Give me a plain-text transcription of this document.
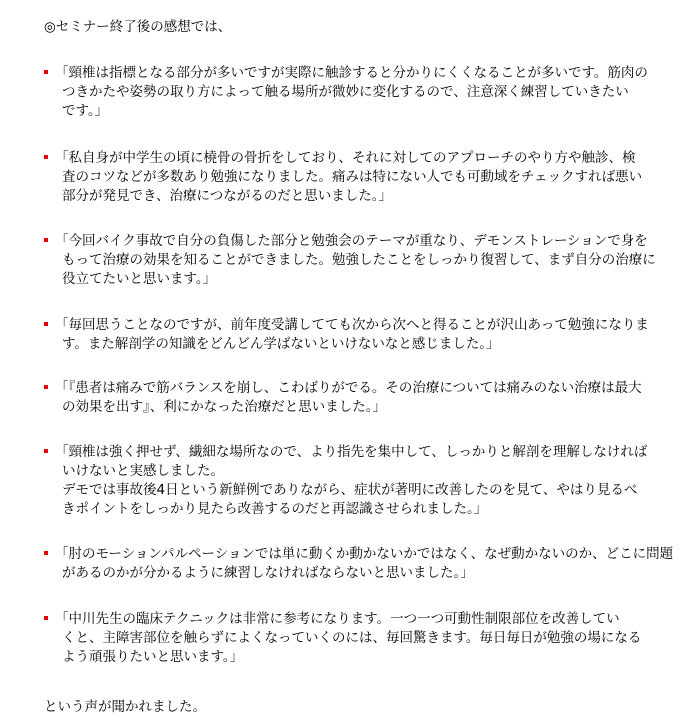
◎セミナー終了後の感想では、
「頸椎は指標となる部分が多いですが実際に触診すると分かりにくくなることが多いです。筋肉の
つきかたや姿勢の取り方によって触る場所が微妙に変化するので、注意深く練習していきたい
です。」
「私自身が中学生の頃に橈骨の骨折をしており、それに対してのアプローチのやり方や触診、検
査のコツなどが多数あり勉強になりました。痛みは特にない人でも可動域をチェックすれば悪い
部分が発見でき、治療につながるのだと思いました。」
「今回バイク事故で自分の負傷した部分と勉強会のテーマが重なり、デモンストレーションで身を
もって治療の効果を知ることができました。勉強したことをしっかり復習して、まず自分の治療に
役立てたいと思います。」
「毎回思うことなのですが、前年度受講してても次から次へと得ることが沢山あって勉強になりま
す。また解剖学の知識をどんどん学ばないといけないなと感じました。」
「『患者は痛みで筋バランスを崩し、こわばりがでる。その治療については痛みのない治療は最大
の効果を出す』、利にかなった治療だと思いました。」
「頸椎は強く押せず、繊細な場所なので、より指先を集中して、しっかりと解剖を理解しなければ
いけないと実感しました。
デモでは事故後4日という新鮮例でありながら、症状が著明に改善したのを見て、やはり見るべ
きポイントをしっかり見たら改善するのだと再認識させられました。」
「肘のモーションパルペーションでは単に動くか動かないかではなく、なぜ動かないのか、どこに問題
があるのかが分かるように練習しなければならないと思いました。」
「中川先生の臨床テクニックは非常に参考になります。一つ一つ可動性制限部位を改善してい
くと、主障害部位を触らずによくなっていくのには、毎回驚きます。毎日毎日が勉強の場になる
よう頑張りたいと思います。」
という声が聞かれました。
